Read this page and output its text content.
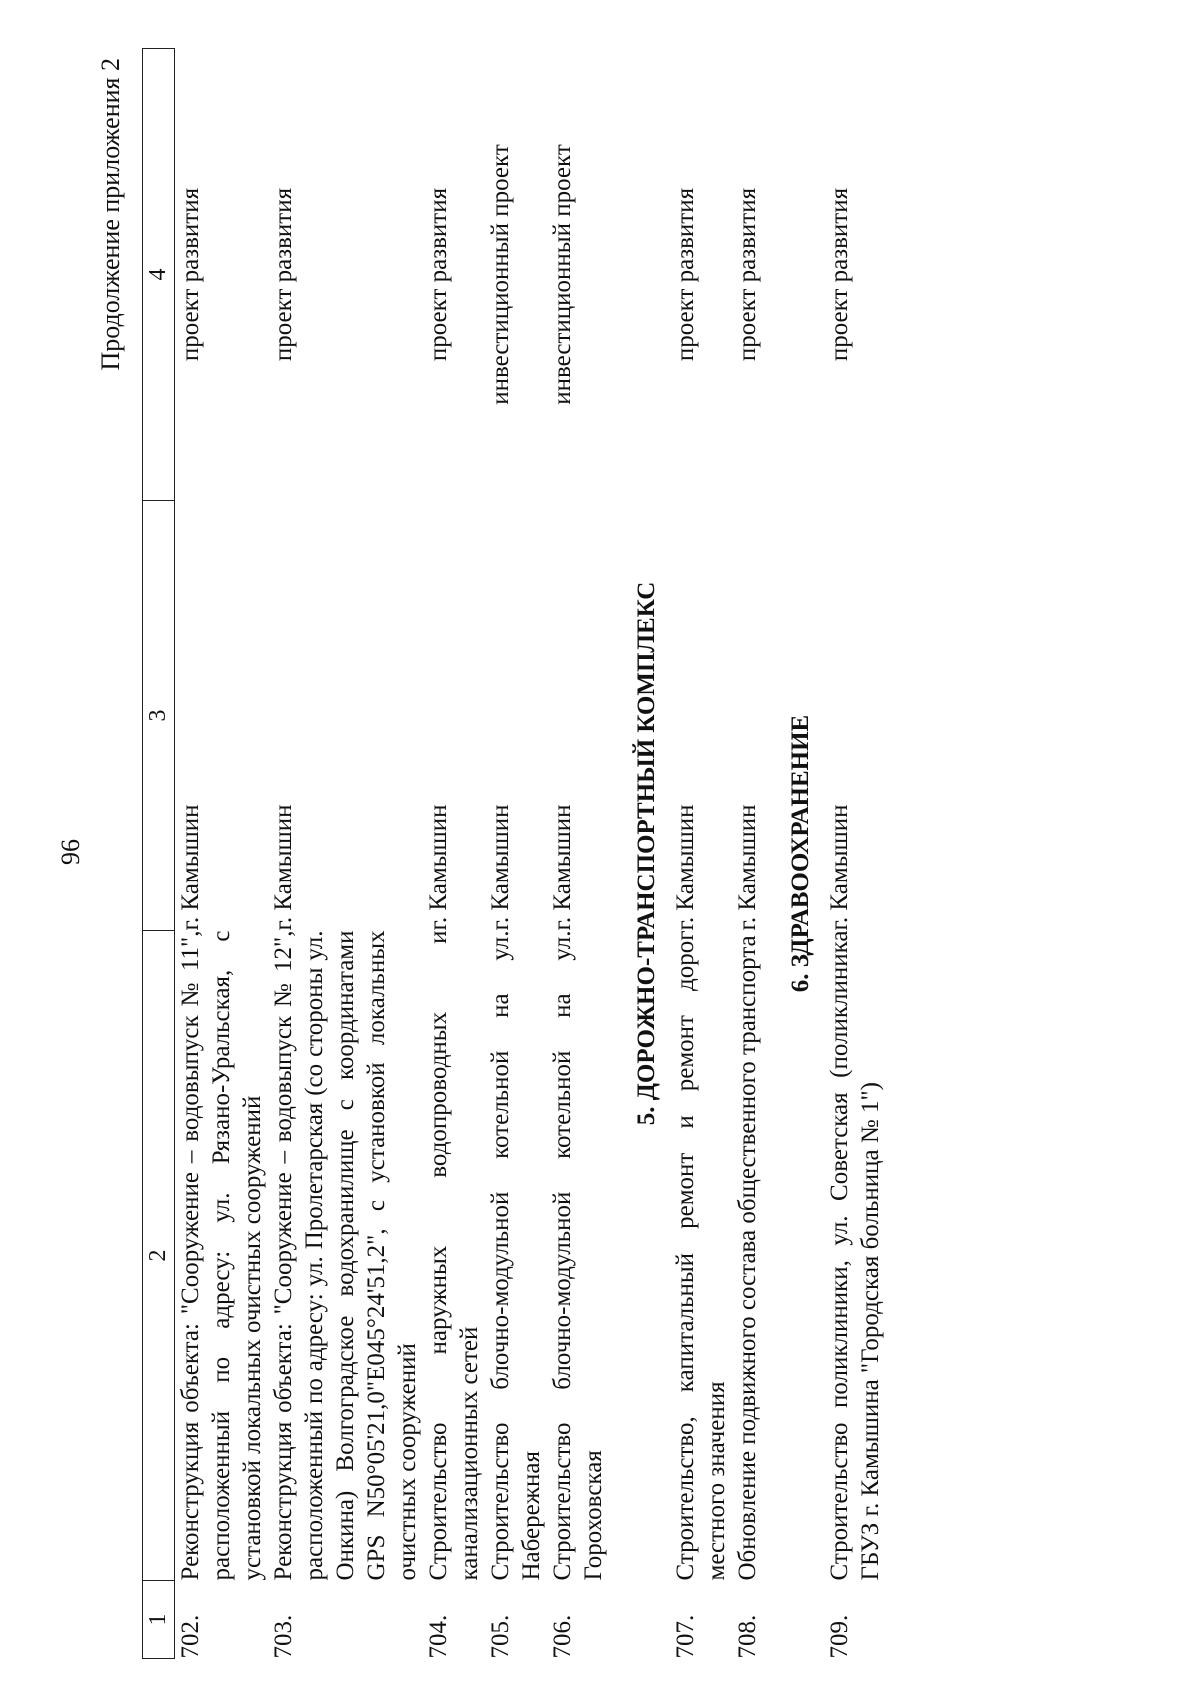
96
Продолжение приложения 2
1	2	3	4
702.	Реконструкция объекта: "Сооружение – водовыпуск № 11", расположенный по адресу: ул. Рязано-Уральская, с установкой локальных очистных сооружений	г. Камышин	проект развития
703.	Реконструкция объекта: "Сооружение – водовыпуск № 12", расположенный по адресу: ул. Пролетарская (со стороны ул. Онкина) Волгоградское водохранилище с координатами GPS N50°05'21,0"E045°24'51,2", с установкой локальных очистных сооружений	г. Камышин	проект развития
704.	Строительство наружных водопроводных и канализационных сетей	г. Камышин	проект развития
705.	Строительство блочно-модульной котельной на ул. Набережная	г. Камышин	инвестиционный проект
706.	Строительство блочно-модульной котельной на ул. Гороховская	г. Камышин	инвестиционный проект
5. ДОРОЖНО-ТРАНСПОРТНЫЙ КОМПЛЕКС			
707.	Строительство, капитальный ремонт и ремонт дорог местного значения	г. Камышин	проект развития
708.	Обновление подвижного состава общественного транспорта	г. Камышин	проект развития
6. ЗДРАВООХРАНЕНИЕ			
709.	Строительство поликлиники, ул. Советская (поликлиника ГБУЗ г. Камышина "Городская больница № 1")	г. Камышин	проект развития
